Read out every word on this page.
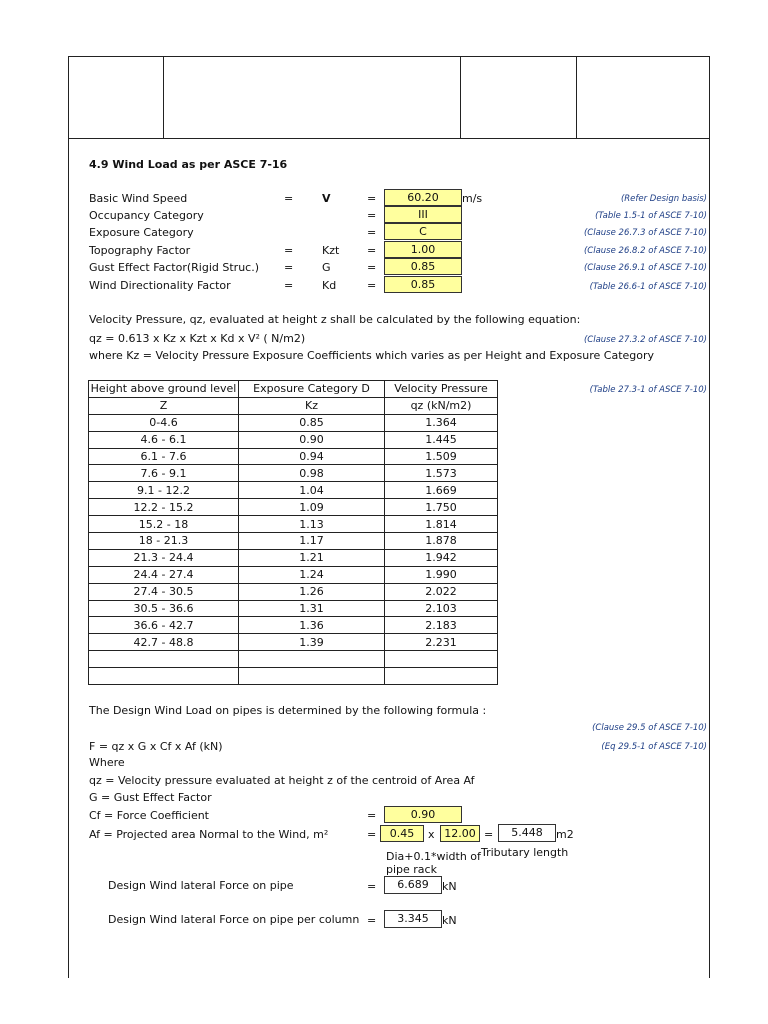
4.9 Wind Load as per ASCE 7-16
Basic Wind Speed	=	V	=	60.20	m/s	(Refer Design basis)
Occupancy Category	=	III	(Table 1.5-1 of ASCE 7-10)
Exposure Category	=	C	(Clause 26.7.3 of ASCE 7-10)
Topography Factor	=	Kzt	=	1.00	(Clause 26.8.2 of ASCE 7-10)
Gust Effect Factor(Rigid Struc.) =	G	=	0.85	(Clause 26.9.1 of ASCE 7-10)
Wind Directionality Factor	=	Kd	=	0.85	(Table 26.6-1 of ASCE 7-10)
Velocity Pressure, qz, evaluated at height z shall be calculated by the following equation:
qz = 0.613 x Kz x Kzt x Kd x V² ( N/m2)	(Clause 27.3.2 of ASCE 7-10)
where Kz = Velocity Pressure Exposure Coefficients which varies as per Height and Exposure Category
(Table 27.3-1 of ASCE 7-10)
Height above ground level	Exposure Category D	Velocity Pressure
Z	Kz	qz (kN/m2)
0-4.6	0.85	1.364
4.6 - 6.1	0.90	1.445
6.1 - 7.6	0.94	1.509
7.6 - 9.1	0.98	1.573
9.1 - 12.2	1.04	1.669
12.2 - 15.2	1.09	1.750
15.2 - 18	1.13	1.814
18 - 21.3	1.17	1.878
21.3 - 24.4	1.21	1.942
24.4 - 27.4	1.24	1.990
27.4 - 30.5	1.26	2.022
30.5 - 36.6	1.31	2.103
36.6 - 42.7	1.36	2.183
42.7 - 48.8	1.39	2.231

The Design Wind Load on pipes is determined by the following formula :
(Clause 29.5 of ASCE 7-10)
F = qz x G x Cf x Af (kN)	(Eq 29.5-1 of ASCE 7-10)
Where
qz = Velocity pressure evaluated at height z of the centroid of Area Af
G = Gust Effect Factor
Cf = Force Coefficient	=	0.90
Af = Projected area Normal to the Wind, m²	=	0.45	x 12.00 =	5.448	m2
Dia+0.1*width of
pipe rack
Tributary length
Design Wind lateral Force on pipe	=	6.689	kN
Design Wind lateral Force on pipe per column =	3.345	kN
